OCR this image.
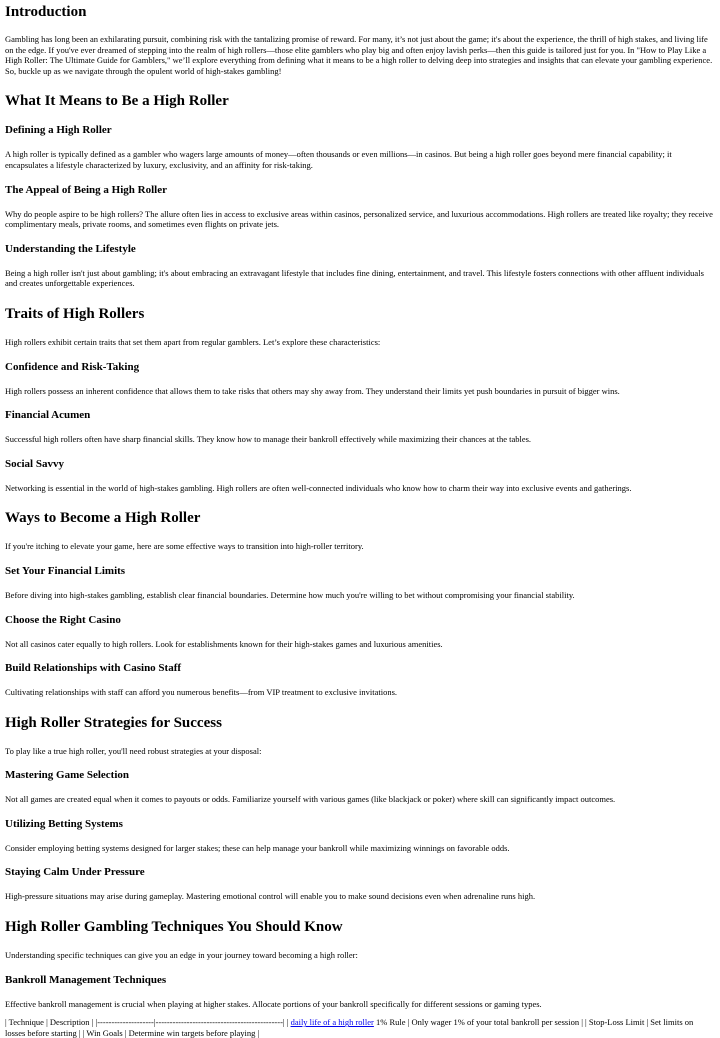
Introduction

Gambling has long been an exhilarating pursuit, combining risk with the tantalizing promise of reward. For many, it’s not just about the game; it's about the experience, the thrill of high stakes, and living life on the edge. If you've ever dreamed of stepping into the realm of high rollers—those elite gamblers who play big and often enjoy lavish perks—then this guide is tailored just for you. In "How to Play Like a High Roller: The Ultimate Guide for Gamblers," we’ll explore everything from defining what it means to be a high roller to delving deep into strategies and insights that can elevate your gambling experience. So, buckle up as we navigate through the opulent world of high-stakes gambling!

What It Means to Be a High Roller
Defining a High Roller

A high roller is typically defined as a gambler who wagers large amounts of money—often thousands or even millions—in casinos. But being a high roller goes beyond mere financial capability; it encapsulates a lifestyle characterized by luxury, exclusivity, and an affinity for risk-taking.

The Appeal of Being a High Roller

Why do people aspire to be high rollers? The allure often lies in access to exclusive areas within casinos, personalized service, and luxurious accommodations. High rollers are treated like royalty; they receive complimentary meals, private rooms, and sometimes even flights on private jets.

Understanding the Lifestyle

Being a high roller isn't just about gambling; it's about embracing an extravagant lifestyle that includes fine dining, entertainment, and travel. This lifestyle fosters connections with other affluent individuals and creates unforgettable experiences.

Traits of High Rollers

High rollers exhibit certain traits that set them apart from regular gamblers. Let’s explore these characteristics:

Confidence and Risk-Taking

High rollers possess an inherent confidence that allows them to take risks that others may shy away from. They understand their limits yet push boundaries in pursuit of bigger wins.

Financial Acumen

Successful high rollers often have sharp financial skills. They know how to manage their bankroll effectively while maximizing their chances at the tables.

Social Savvy

Networking is essential in the world of high-stakes gambling. High rollers are often well-connected individuals who know how to charm their way into exclusive events and gatherings.

Ways to Become a High Roller

If you're itching to elevate your game, here are some effective ways to transition into high-roller territory.

Set Your Financial Limits

Before diving into high-stakes gambling, establish clear financial boundaries. Determine how much you're willing to bet without compromising your financial stability.

Choose the Right Casino

Not all casinos cater equally to high rollers. Look for establishments known for their high-stakes games and luxurious amenities.

Build Relationships with Casino Staff

Cultivating relationships with staff can afford you numerous benefits—from VIP treatment to exclusive invitations.

High Roller Strategies for Success

To play like a true high roller, you'll need robust strategies at your disposal:

Mastering Game Selection

Not all games are created equal when it comes to payouts or odds. Familiarize yourself with various games (like blackjack or poker) where skill can significantly impact outcomes.

Utilizing Betting Systems

Consider employing betting systems designed for larger stakes; these can help manage your bankroll while maximizing winnings on favorable odds.

Staying Calm Under Pressure

High-pressure situations may arise during gameplay. Mastering emotional control will enable you to make sound decisions even when adrenaline runs high.

High Roller Gambling Techniques You Should Know

Understanding specific techniques can give you an edge in your journey toward becoming a high roller:

Bankroll Management Techniques

Effective bankroll management is crucial when playing at higher stakes. Allocate portions of your bankroll specifically for different sessions or gaming types.

| Technique | Description | |--------------------|---------------------------------------------| | daily life of a high roller 1% Rule | Only wager 1% of your total bankroll per session | | Stop-Loss Limit | Set limits on losses before starting | | Win Goals | Determine win targets before playing |
